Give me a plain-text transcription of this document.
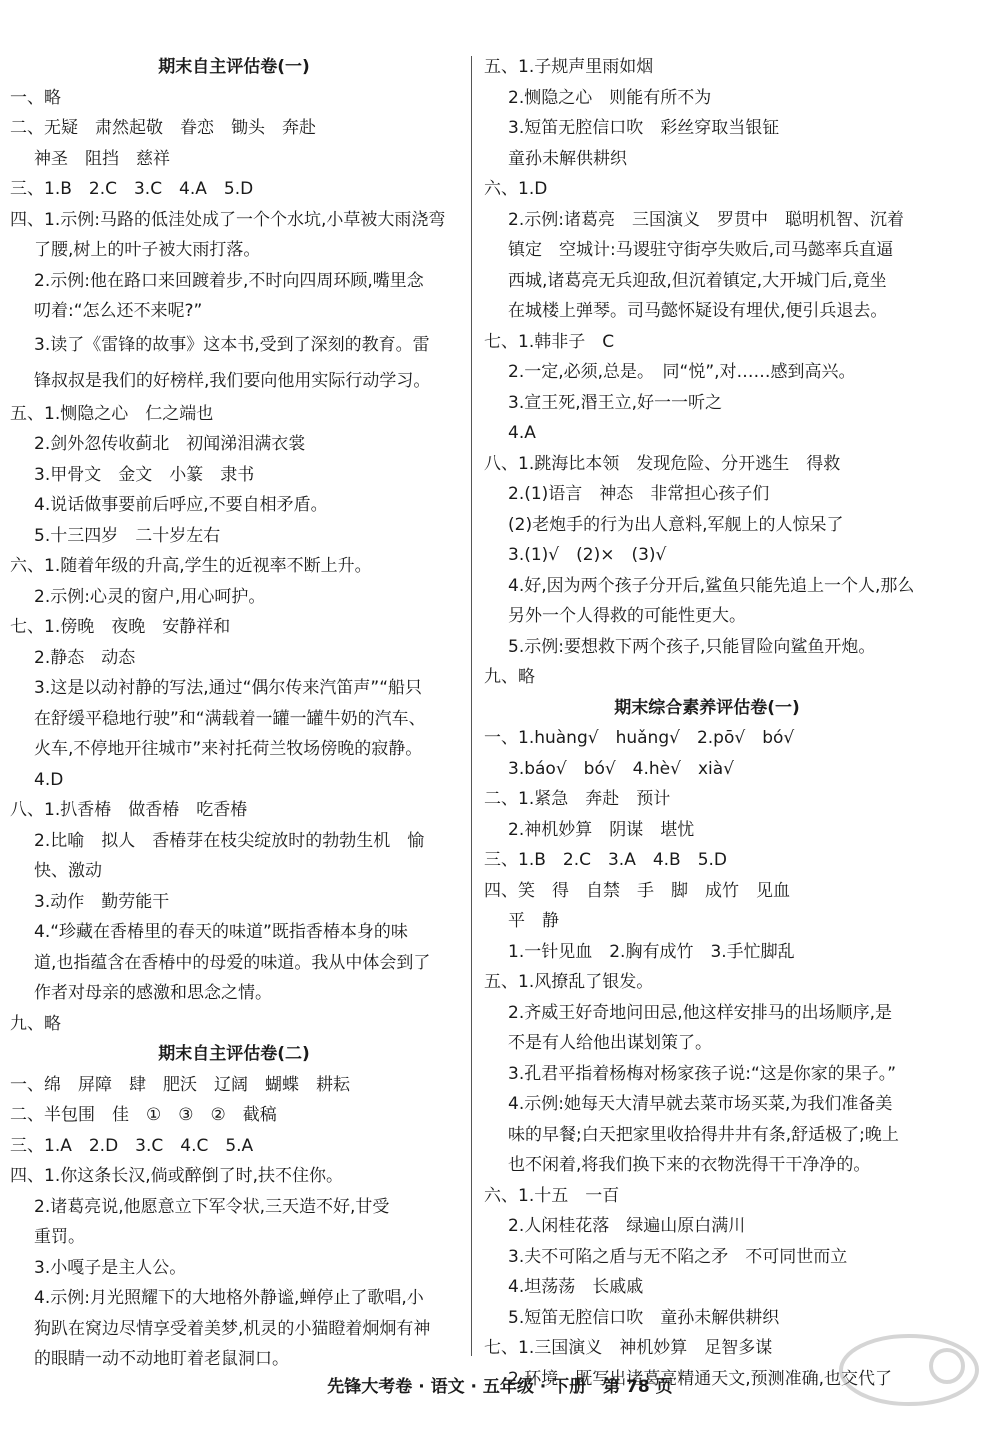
期末自主评估卷(一)
一、略
二、无疑　肃然起敬　眷恋　锄头　奔赴
神圣　阻挡　慈祥
三、1.B　2.C　3.C　4.A　5.D
四、1.示例:马路的低洼处成了一个个水坑,小草被大雨浇弯
了腰,树上的叶子被大雨打落。
2.示例:他在路口来回踱着步,不时向四周环顾,嘴里念
叨着:“怎么还不来呢?”
3.读了《雷锋的故事》这本书,受到了深刻的教育。雷
锋叔叔是我们的好榜样,我们要向他用实际行动学习。
五、1.恻隐之心　仁之端也
2.剑外忽传收蓟北　初闻涕泪满衣裳
3.甲骨文　金文　小篆　隶书
4.说话做事要前后呼应,不要自相矛盾。
5.十三四岁　二十岁左右
六、1.随着年级的升高,学生的近视率不断上升。
2.示例:心灵的窗户,用心呵护。
七、1.傍晚　夜晚　安静祥和
2.静态　动态
3.这是以动衬静的写法,通过“偶尔传来汽笛声”“船只
在舒缓平稳地行驶”和“满载着一罐一罐牛奶的汽车、
火车,不停地开往城市”来衬托荷兰牧场傍晚的寂静。
4.D
八、1.扒香椿　做香椿　吃香椿
2.比喻　拟人　香椿芽在枝尖绽放时的勃勃生机　愉
快、激动
3.动作　勤劳能干
4.“珍藏在香椿里的春天的味道”既指香椿本身的味
道,也指蕴含在香椿中的母爱的味道。我从中体会到了
作者对母亲的感激和思念之情。
九、略
期末自主评估卷(二)
一、绵　屏障　肆　肥沃　辽阔　蝴蝶　耕耘
二、半包围　佳　①　③　②　截稿
三、1.A　2.D　3.C　4.C　5.A
四、1.你这条长汉,倘或醉倒了时,扶不住你。
2.诸葛亮说,他愿意立下军令状,三天造不好,甘受
重罚。
3.小嘎子是主人公。
4.示例:月光照耀下的大地格外静谧,蝉停止了歌唱,小
狗趴在窝边尽情享受着美梦,机灵的小猫瞪着炯炯有神
的眼睛一动不动地盯着老鼠洞口。
五、1.子规声里雨如烟
2.恻隐之心　则能有所不为
3.短笛无腔信口吹　彩丝穿取当银钲
童孙未解供耕织
六、1.D
2.示例:诸葛亮　三国演义　罗贯中　聪明机智、沉着
镇定　空城计:马谡驻守街亭失败后,司马懿率兵直逼
西城,诸葛亮无兵迎敌,但沉着镇定,大开城门后,竟坐
在城楼上弹琴。司马懿怀疑设有埋伏,便引兵退去。
七、1.韩非子　C
2.一定,必须,总是。　同“悦”,对……感到高兴。
3.宣王死,湣王立,好一一听之
4.A
八、1.跳海比本领　发现危险、分开逃生　得救
2.(1)语言　神态　非常担心孩子们
(2)老炮手的行为出人意料,军舰上的人惊呆了
3.(1)√　(2)×　(3)√
4.好,因为两个孩子分开后,鲨鱼只能先追上一个人,那么
另外一个人得救的可能性更大。
5.示例:要想救下两个孩子,只能冒险向鲨鱼开炮。
九、略
期末综合素养评估卷(一)
一、1.huàng√　huǎng√　2.pō√　bó√
3.báo√　bó√　4.hè√　xià√
二、1.紧急　奔赴　预计
2.神机妙算　阴谋　堪忧
三、1.B　2.C　3.A　4.B　5.D
四、笑　得　自禁　手　脚　成竹　见血
平　静
1.一针见血　2.胸有成竹　3.手忙脚乱
五、1.风撩乱了银发。
2.齐威王好奇地问田忌,他这样安排马的出场顺序,是
不是有人给他出谋划策了。
3.孔君平指着杨梅对杨家孩子说:“这是你家的果子。”
4.示例:她每天大清早就去菜市场买菜,为我们准备美
味的早餐;白天把家里收拾得井井有条,舒适极了;晚上
也不闲着,将我们换下来的衣物洗得干干净净的。
六、1.十五　一百
2.人闲桂花落　绿遍山原白满川
3.夫不可陷之盾与无不陷之矛　不可同世而立
4.坦荡荡　长戚戚
5.短笛无腔信口吹　童孙未解供耕织
七、1.三国演义　神机妙算　足智多谋
2.环境　既写出诸葛亮精通天文,预测准确,也交代了
先锋大考卷 · 语文 · 五年级 · 下册　第 78 页
